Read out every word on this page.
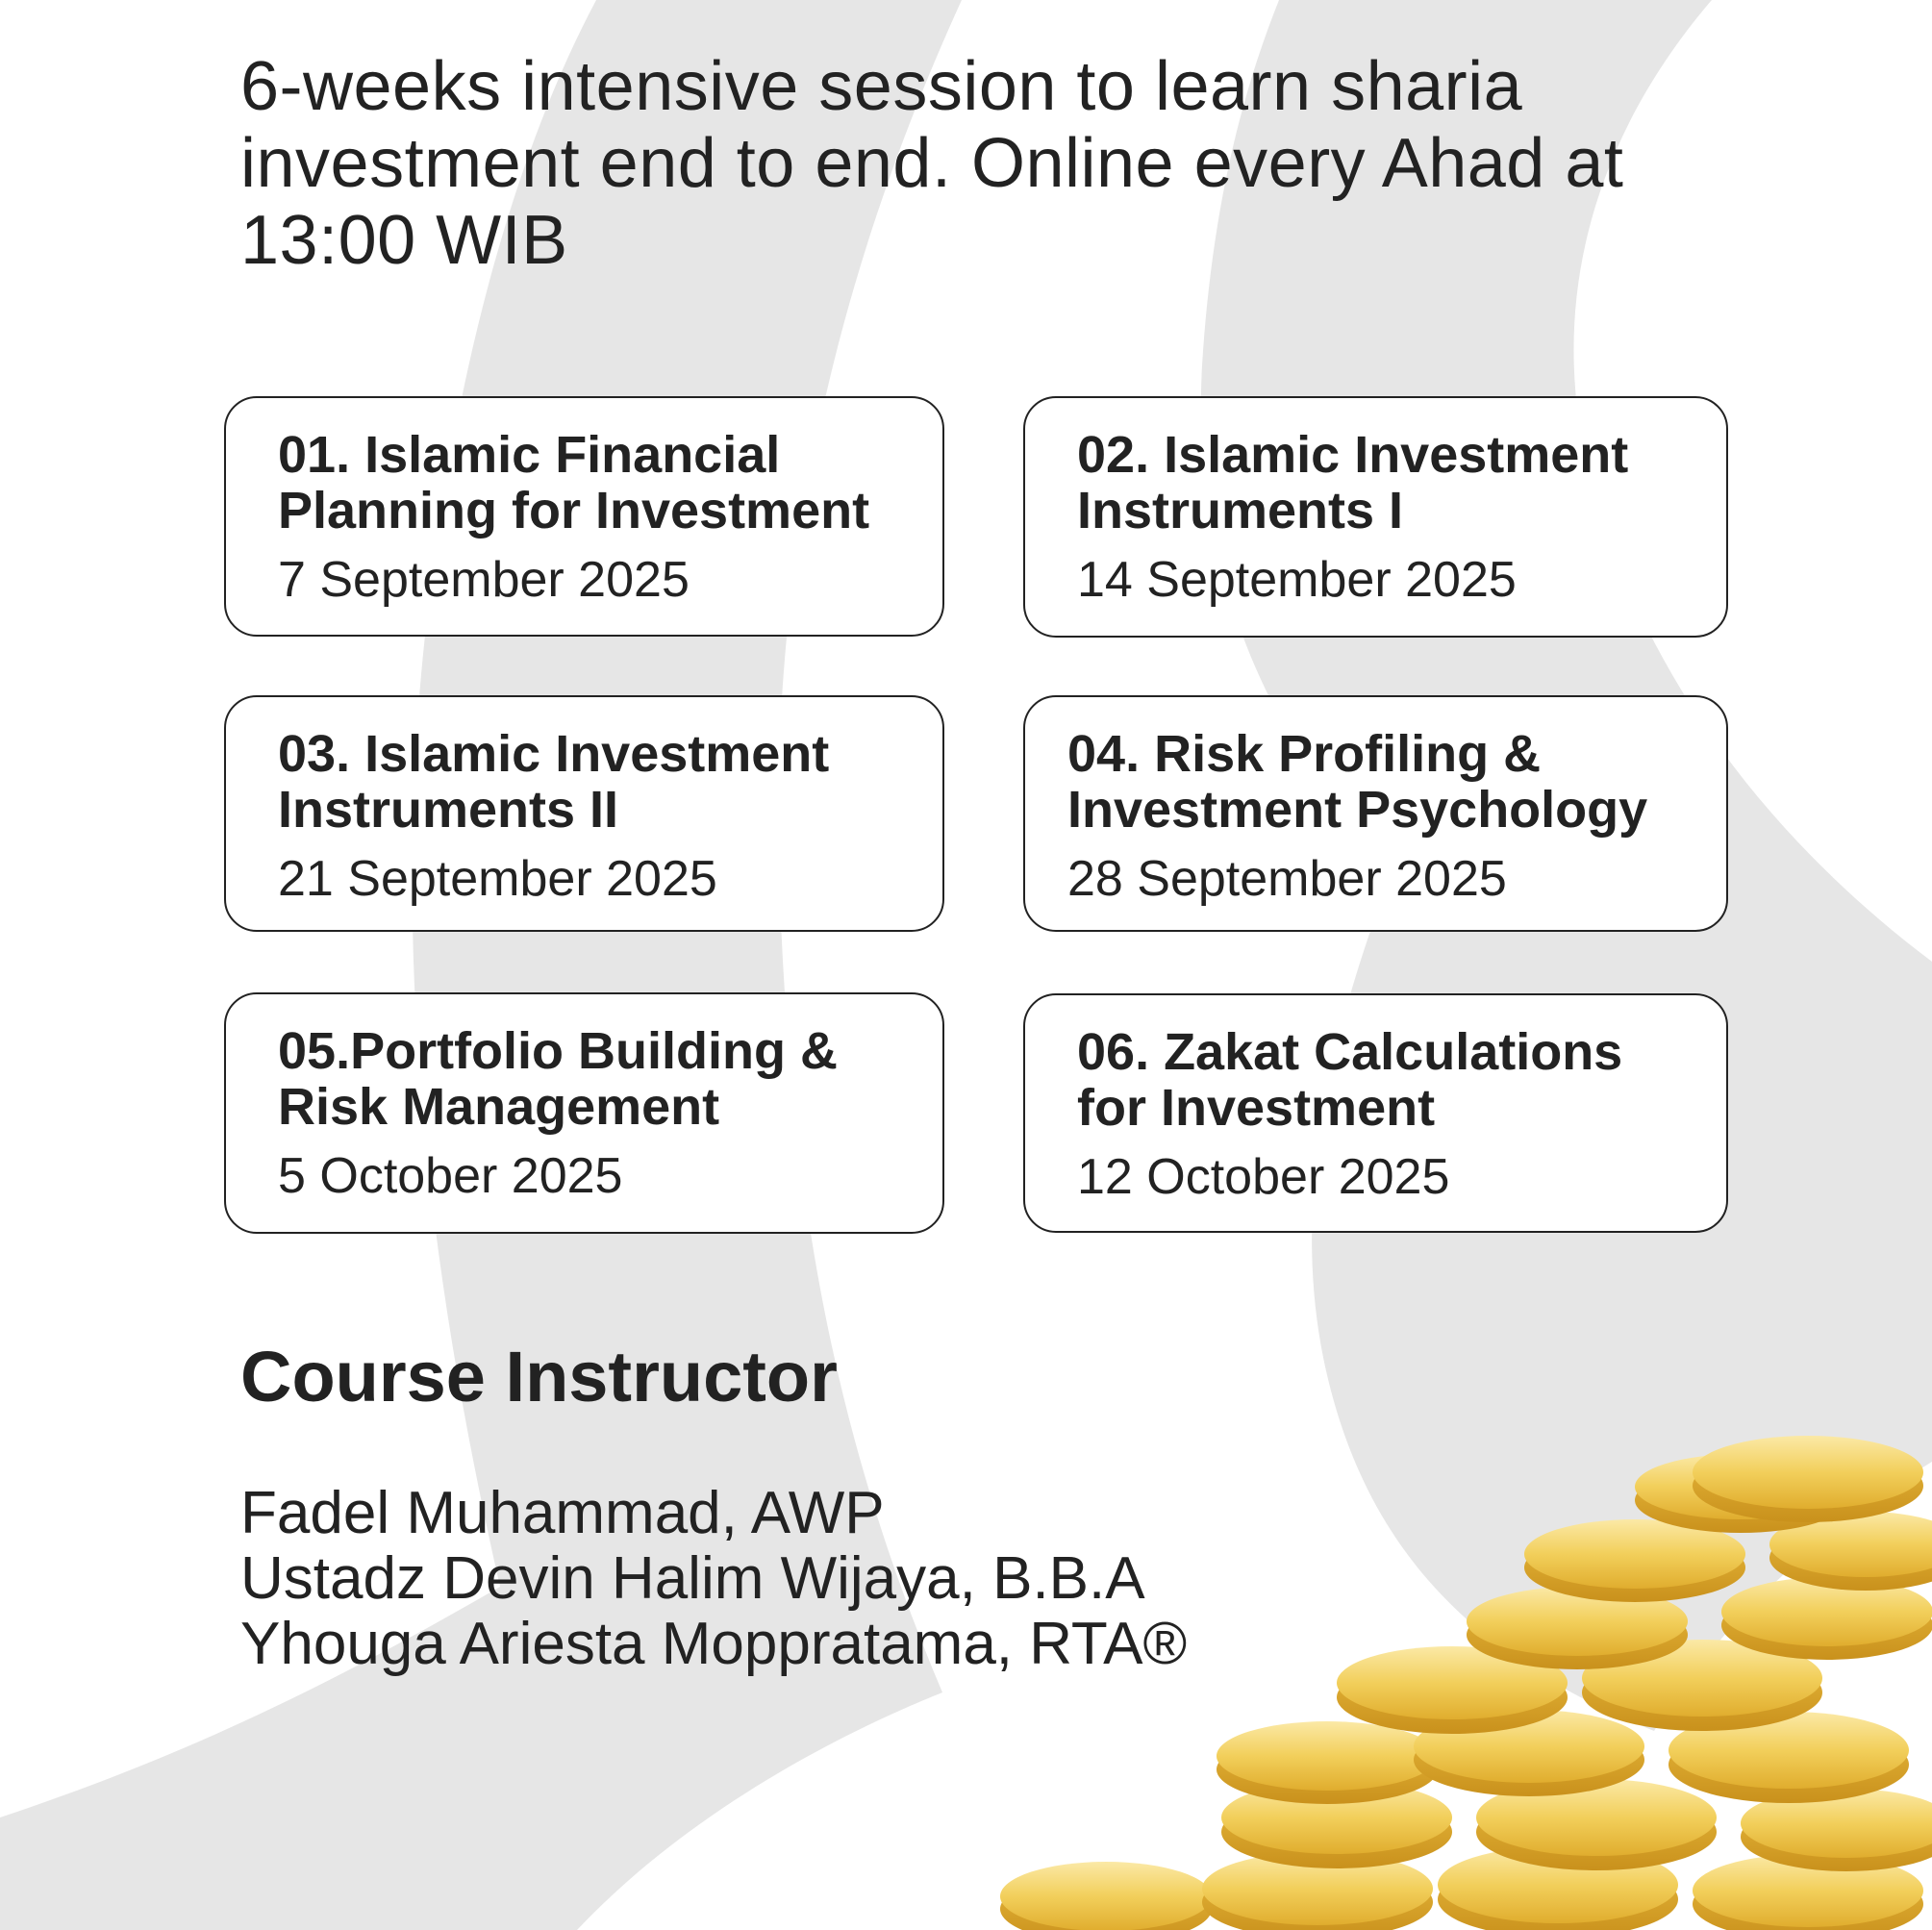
6-weeks intensive session to learn sharia investment end to end. Online every Ahad at 13:00 WIB

01. Islamic Financial Planning for Investment

7 September 2025

02. Islamic Investment Instruments I

14 September 2025

03. Islamic Investment Instruments II

21 September 2025

04. Risk Profiling & Investment Psychology

28 September 2025

05.Portfolio Building & Risk Management

5 October 2025

06. Zakat Calculations for Investment

12 October 2025
Course Instructor
Fadel Muhammad, AWP
Ustadz Devin Halim Wijaya, B.B.A
Yhouga Ariesta Moppratama, RTA®
